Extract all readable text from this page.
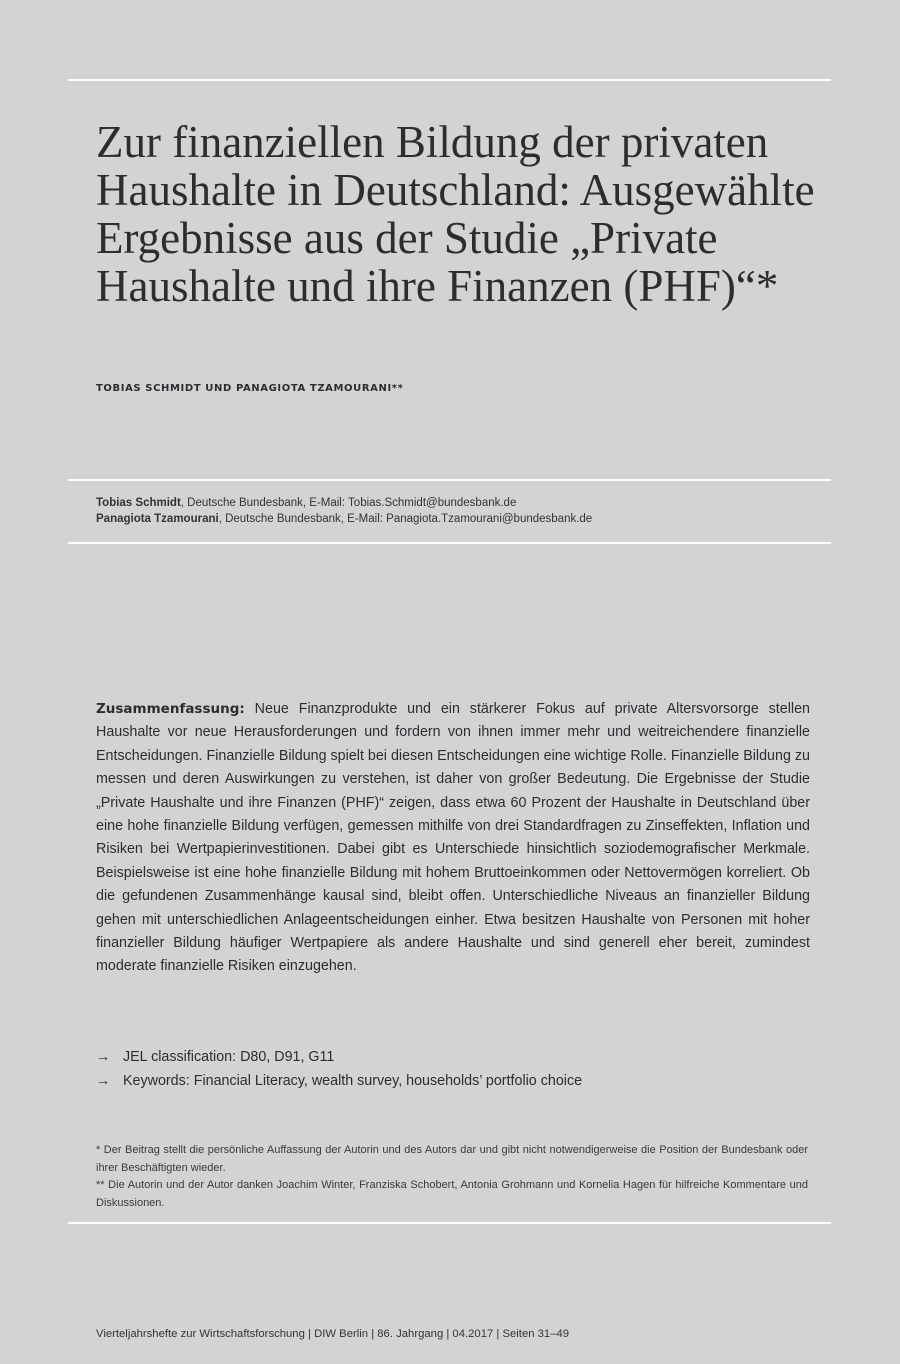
Zur finanziellen Bildung der privaten Haushalte in Deutschland: Ausgewählte Ergebnisse aus der Studie „Private Haushalte und ihre Finanzen (PHF)“*
TOBIAS SCHMIDT UND PANAGIOTA TZAMOURANI**
Tobias Schmidt, Deutsche Bundesbank, E-Mail: Tobias.Schmidt@bundesbank.de
Panagiota Tzamourani, Deutsche Bundesbank, E-Mail: Panagiota.Tzamourani@bundesbank.de

Zusammenfassung: Neue Finanzprodukte und ein stärkerer Fokus auf private Altersvorsorge stellen Haushalte vor neue Herausforderungen und fordern von ihnen immer mehr und weitreichendere finanzielle Entscheidungen. Finanzielle Bildung spielt bei diesen Entscheidungen eine wichtige Rolle. Finanzielle Bildung zu messen und deren Auswirkungen zu verstehen, ist daher von großer Bedeutung. Die Ergebnisse der Studie „Private Haushalte und ihre Finanzen (PHF)“ zeigen, dass etwa 60 Prozent der Haushalte in Deutschland über eine hohe finanzielle Bildung verfügen, gemessen mithilfe von drei Standardfragen zu Zinseffekten, Inflation und Risiken bei Wertpapierinvestitionen. Dabei gibt es Unterschiede hinsichtlich soziodemografischer Merkmale. Beispielsweise ist eine hohe finanzielle Bildung mit hohem Bruttoeinkommen oder Nettovermögen korreliert. Ob die gefundenen Zusammenhänge kausal sind, bleibt offen. Unterschiedliche Niveaus an finanzieller Bildung gehen mit unterschiedlichen Anlageentscheidungen einher. Etwa besitzen Haushalte von Personen mit hoher finanzieller Bildung häufiger Wertpapiere als andere Haushalte und sind generell eher bereit, zumindest moderate finanzielle Risiken einzugehen.

→ JEL classification: D80, D91, G11
→ Keywords: Financial Literacy, wealth survey, households’ portfolio choice

* Der Beitrag stellt die persönliche Auffassung der Autorin und des Autors dar und gibt nicht notwendigerweise die Position der Bundesbank oder ihrer Beschäftigten wieder.

** Die Autorin und der Autor danken Joachim Winter, Franziska Schobert, Antonia Grohmann und Kornelia Hagen für hilfreiche Kommentare und Diskussionen.

Vierteljahrshefte zur Wirtschaftsforschung | DIW Berlin | 86. Jahrgang | 04.2017 | Seiten 31–49
